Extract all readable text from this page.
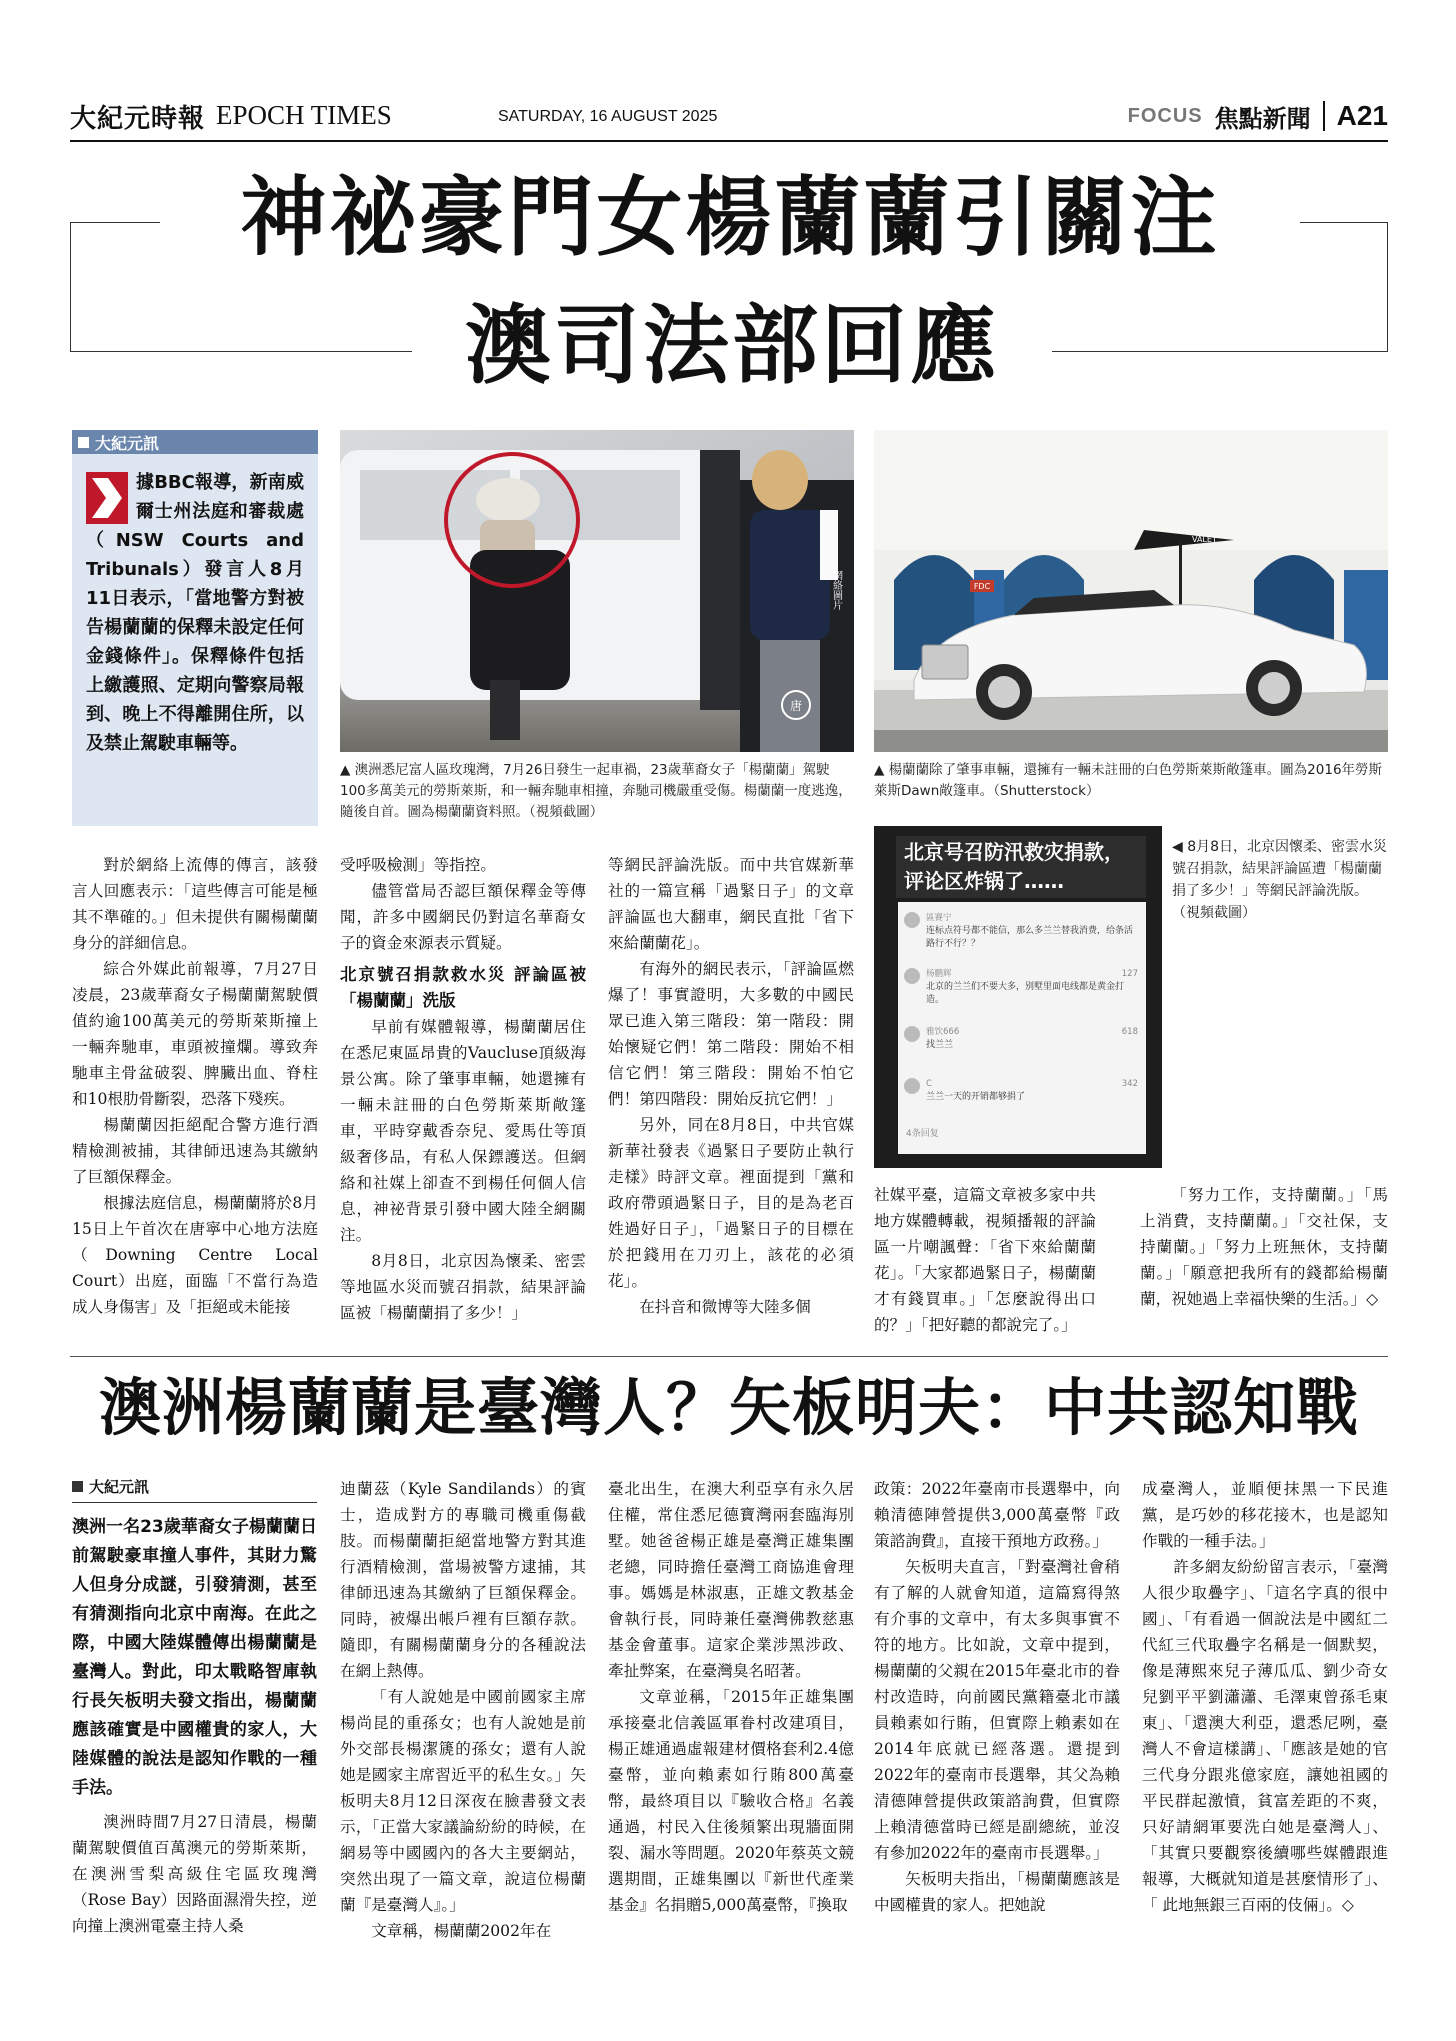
大紀元時報 EPOCH TIMES	SATURDAY, 16 AUGUST 2025	FOCUS 焦點新聞 A21
神祕豪門女楊蘭蘭引關注
澳司法部回應
大紀元訊
據BBC報導，新南威爾士州法庭和審裁處（NSW Courts and Tribunals）發言人8月11日表示，「當地警方對被告楊蘭蘭的保釋未設定任何金錢條件」。保釋條件包括上繳護照、定期向警察局報到、晚上不得離開住所，以及禁止駕駛車輛等。
唐
網絡圖片
▲ 澳洲悉尼富人區玫瑰灣，7月26日發生一起車禍，23歲華裔女子「楊蘭蘭」駕駛100多萬美元的勞斯萊斯，和一輛奔馳車相撞，奔馳司機嚴重受傷。楊蘭蘭一度逃逸，隨後自首。圖為楊蘭蘭資料照。（視頻截圖）
FDC
VALET
▲ 楊蘭蘭除了肇事車輛，還擁有一輛未註冊的白色勞斯萊斯敞篷車。圖為2016年勞斯萊斯Dawn敞篷車。（Shutterstock）

對於網絡上流傳的傳言，該發言人回應表示：「這些傳言可能是極其不準確的。」但未提供有關楊蘭蘭身分的詳細信息。

綜合外媒此前報導，7月27日凌晨，23歲華裔女子楊蘭蘭駕駛價值約逾100萬美元的勞斯萊斯撞上一輛奔馳車，車頭被撞爛。導致奔馳車主骨盆破裂、脾臟出血、脊柱和10根肋骨斷裂，恐落下殘疾。

楊蘭蘭因拒絕配合警方進行酒精檢測被捕，其律師迅速為其繳納了巨額保釋金。

根據法庭信息，楊蘭蘭將於8月15日上午首次在唐寧中心地方法庭（Downing Centre Local Court）出庭，面臨「不當行為造成人身傷害」及「拒絕或未能接

受呼吸檢測」等指控。

儘管當局否認巨額保釋金等傳聞，許多中國網民仍對這名華裔女子的資金來源表示質疑。

北京號召捐款救水災 評論區被「楊蘭蘭」洗版

早前有媒體報導，楊蘭蘭居住在悉尼東區昂貴的Vaucluse頂級海景公寓。除了肇事車輛，她還擁有一輛未註冊的白色勞斯萊斯敞篷車，平時穿戴香奈兒、愛馬仕等頂級奢侈品，有私人保鏢護送。但網絡和社媒上卻查不到楊任何個人信息，神祕背景引發中國大陸全網關注。

8月8日，北京因為懷柔、密雲等地區水災而號召捐款，結果評論區被「楊蘭蘭捐了多少！」

等網民評論洗版。而中共官媒新華社的一篇宣稱「過緊日子」的文章評論區也大翻車，網民直批「省下來給蘭蘭花」。

有海外的網民表示，「評論區燃爆了！事實證明，大多數的中國民眾已進入第三階段：第一階段：開始懷疑它們！第二階段：開始不相信它們！第三階段：開始不怕它們！第四階段：開始反抗它們！」

另外，同在8月8日，中共官媒新華社發表《過緊日子要防止執行走樣》時評文章。裡面提到「黨和政府帶頭過緊日子，目的是為老百姓過好日子」，「過緊日子的目標在於把錢用在刀刃上，該花的必須花」。

在抖音和微博等大陸多個

北京号召防汛救灾捐款，评论区炸锅了……
區賽宁
连标点符号都不能信，那么多兰兰替我消费，给条活路行不行？？
杨鹏辉	127
北京的兰兰们不要大多，别墅里面电线都是黄金打造。
雅饮666	618
找兰兰
C	342
兰兰一天的开销都够捐了
4条回复
◀ 8月8日，北京因懷柔、密雲水災號召捐款，結果評論區遭「楊蘭蘭捐了多少！」等網民評論洗版。（視頻截圖）

社媒平臺，這篇文章被多家中共地方媒體轉載，視頻播報的評論區一片嘲諷聲：「省下來給蘭蘭花」。「大家都過緊日子，楊蘭蘭才有錢買車。」「怎麼說得出口的？」「把好聽的都說完了。」

「努力工作，支持蘭蘭。」「馬上消費，支持蘭蘭。」「交社保，支持蘭蘭。」「努力上班無休，支持蘭蘭。」「願意把我所有的錢都給楊蘭蘭，祝她過上幸福快樂的生活。」◇

澳洲楊蘭蘭是臺灣人？矢板明夫：中共認知戰
大紀元訊
澳洲一名23歲華裔女子楊蘭蘭日前駕駛豪車撞人事件，其財力驚人但身分成謎，引發猜測，甚至有猜測指向北京中南海。在此之際，中國大陸媒體傳出楊蘭蘭是臺灣人。對此，印太戰略智庫執行長矢板明夫發文指出，楊蘭蘭應該確實是中國權貴的家人，大陸媒體的說法是認知作戰的一種手法。

澳洲時間7月27日清晨，楊蘭蘭駕駛價值百萬澳元的勞斯萊斯，在澳洲雪梨高級住宅區玫瑰灣（Rose Bay）因路面濕滑失控，逆向撞上澳洲電臺主持人桑

迪蘭茲（Kyle Sandilands）的賓士，造成對方的專職司機重傷截肢。而楊蘭蘭拒絕當地警方對其進行酒精檢測，當場被警方逮捕，其律師迅速為其繳納了巨額保釋金。同時，被爆出帳戶裡有巨額存款。隨即，有關楊蘭蘭身分的各種說法在網上熱傳。

「有人說她是中國前國家主席楊尚昆的重孫女；也有人說她是前外交部長楊潔篪的孫女；還有人說她是國家主席習近平的私生女。」矢板明夫8月12日深夜在臉書發文表示，「正當大家議論紛紛的時候，在網易等中國國內的各大主要網站，突然出現了一篇文章，說這位楊蘭蘭『是臺灣人』。」

文章稱，楊蘭蘭2002年在

臺北出生，在澳大利亞享有永久居住權，常住悉尼德寶灣兩套臨海別墅。她爸爸楊正雄是臺灣正雄集團老總，同時擔任臺灣工商協進會理事。媽媽是林淑惠，正雄文教基金會執行長，同時兼任臺灣佛教慈惠基金會董事。這家企業涉黑涉政、牽扯弊案，在臺灣臭名昭著。

文章並稱，「2015年正雄集團承接臺北信義區軍眷村改建項目，楊正雄通過虛報建材價格套利2.4億臺幣，並向賴素如行賄800萬臺幣，最終項目以『驗收合格』名義通過，村民入住後頻繁出現牆面開裂、漏水等問題。2020年蔡英文競選期間，正雄集團以『新世代產業基金』名捐贈5,000萬臺幣，『換取

政策：2022年臺南市長選舉中，向賴清德陣營提供3,000萬臺幣『政策諮詢費』，直接干預地方政務。」

矢板明夫直言，「對臺灣社會稍有了解的人就會知道，這篇寫得煞有介事的文章中，有太多與事實不符的地方。比如說，文章中提到，楊蘭蘭的父親在2015年臺北市的眷村改造時，向前國民黨籍臺北市議員賴素如行賄，但實際上賴素如在2014年底就已經落選。還提到2022年的臺南市長選舉，其父為賴清德陣營提供政策諮詢費，但實際上賴清德當時已經是副總統，並沒有參加2022年的臺南市長選舉。」

矢板明夫指出，「楊蘭蘭應該是中國權貴的家人。把她說

成臺灣人，並順便抹黑一下民進黨，是巧妙的移花接木，也是認知作戰的一種手法。」

許多網友紛紛留言表示，「臺灣人很少取疊字」、「這名字真的很中國」、「有看過一個說法是中國紅二代紅三代取疊字名稱是一個默契，像是薄熙來兒子薄瓜瓜、劉少奇女兒劉平平劉瀟瀟、毛澤東曾孫毛東東」、「還澳大利亞，還悉尼咧，臺灣人不會這樣講」、「應該是她的官三代身分跟兆億家庭，讓她祖國的平民群起激憤，貧富差距的不爽，只好請網軍要洗白她是臺灣人」、「其實只要觀察後續哪些媒體跟進報導，大概就知道是甚麼情形了」、「 此地無銀三百兩的伎倆」。◇
